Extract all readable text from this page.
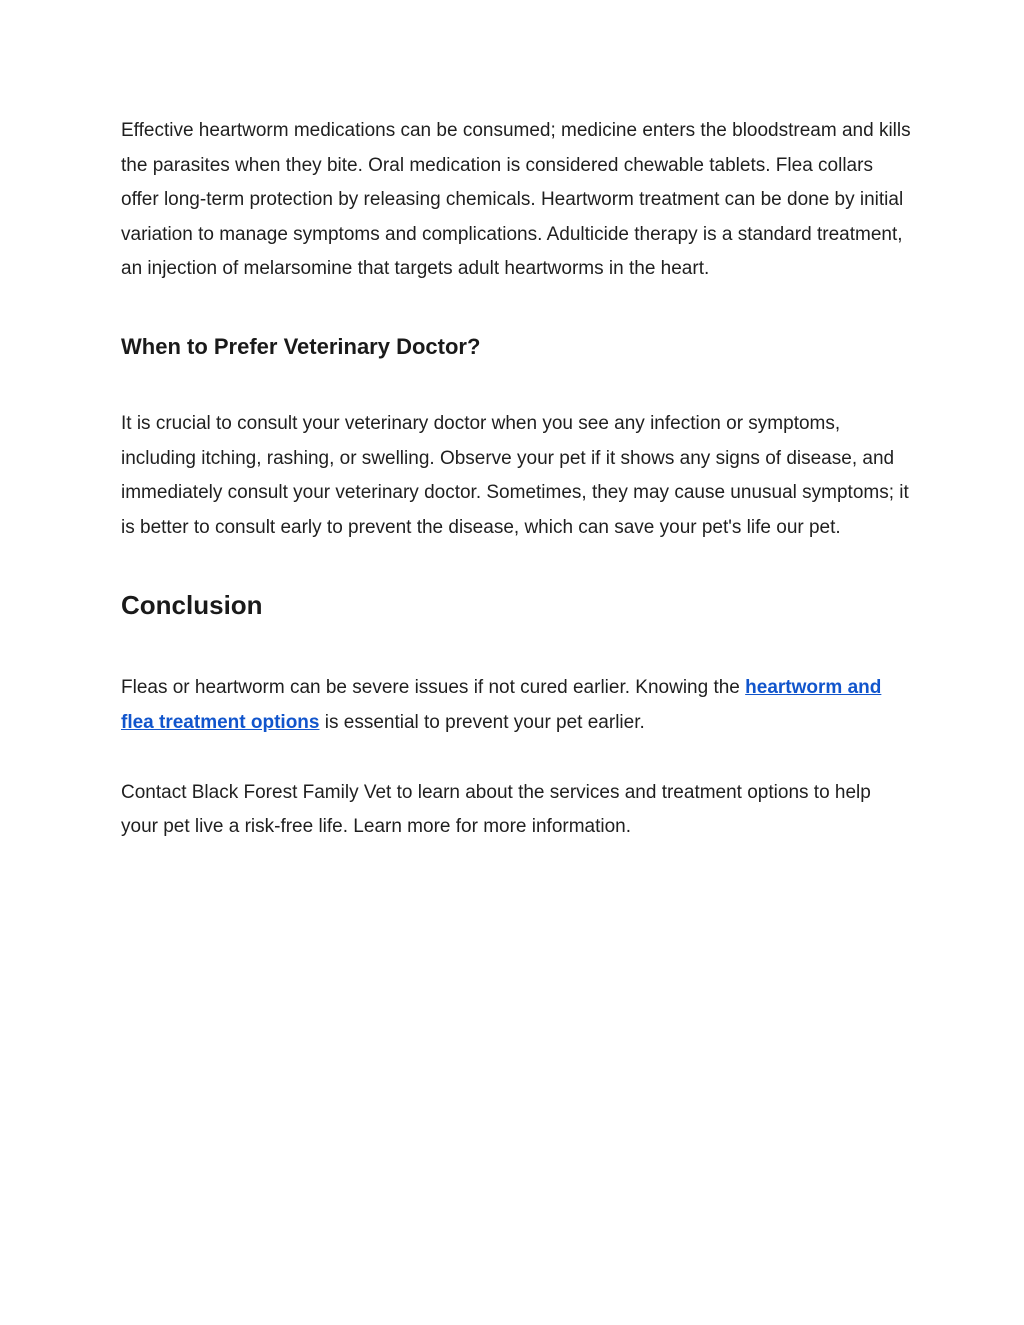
Effective heartworm medications can be consumed; medicine enters the bloodstream and kills the parasites when they bite. Oral medication is considered chewable tablets. Flea collars offer long-term protection by releasing chemicals. Heartworm treatment can be done by initial variation to manage symptoms and complications. Adulticide therapy is a standard treatment, an injection of melarsomine that targets adult heartworms in the heart.

When to Prefer Veterinary Doctor?

It is crucial to consult your veterinary doctor when you see any infection or symptoms, including itching, rashing, or swelling. Observe your pet if it shows any signs of disease, and immediately consult your veterinary doctor. Sometimes, they may cause unusual symptoms; it is better to consult early to prevent the disease, which can save your pet's life our pet.

Conclusion

Fleas or heartworm can be severe issues if not cured earlier. Knowing the heartworm and flea treatment options is essential to prevent your pet earlier.

Contact Black Forest Family Vet to learn about the services and treatment options to help your pet live a risk-free life. Learn more for more information.
